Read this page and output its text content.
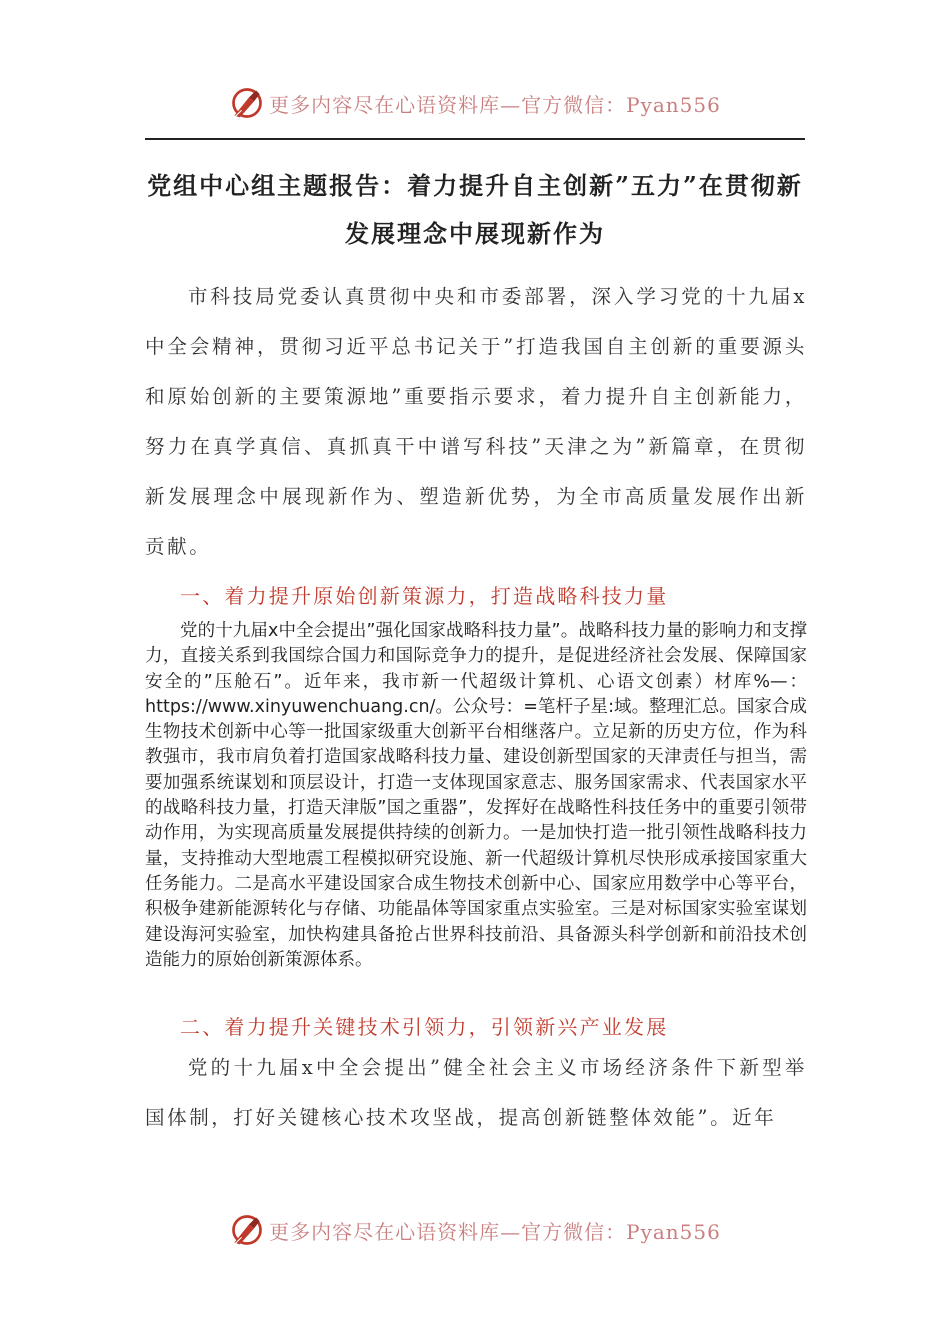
更多内容尽在心语资料库—官方微信：Pyan556
党组中心组主题报告：着力提升自主创新”五力”在贯彻新发展理念中展现新作为

市科技局党委认真贯彻中央和市委部署，深入学习党的十九届x中全会精神，贯彻习近平总书记关于”打造我国自主创新的重要源头和原始创新的主要策源地”重要指示要求，着力提升自主创新能力，努力在真学真信、真抓真干中谱写科技”天津之为”新篇章，在贯彻新发展理念中展现新作为、塑造新优势，为全市高质量发展作出新贡献。

一、着力提升原始创新策源力，打造战略科技力量

党的十九届x中全会提出”强化国家战略科技力量”。战略科技力量的影响力和支撑力，直接关系到我国综合国力和国际竞争力的提升，是促进经济社会发展、保障国家安全的”压舱石”。近年来，我市新一代超级计算机、心语文创素）材库%—：https://www.xinyuwenchuang.cn/。公众号：=笔杆子星:域。整理汇总。国家合成生物技术创新中心等一批国家级重大创新平台相继落户。立足新的历史方位，作为科教强市，我市肩负着打造国家战略科技力量、建设创新型国家的天津责任与担当，需要加强系统谋划和顶层设计，打造一支体现国家意志、服务国家需求、代表国家水平的战略科技力量，打造天津版”国之重器”，发挥好在战略性科技任务中的重要引领带动作用，为实现高质量发展提供持续的创新力。一是加快打造一批引领性战略科技力量，支持推动大型地震工程模拟研究设施、新一代超级计算机尽快形成承接国家重大任务能力。二是高水平建设国家合成生物技术创新中心、国家应用数学中心等平台，积极争建新能源转化与存储、功能晶体等国家重点实验室。三是对标国家实验室谋划建设海河实验室，加快构建具备抢占世界科技前沿、具备源头科学创新和前沿技术创造能力的原始创新策源体系。

二、着力提升关键技术引领力，引领新兴产业发展

党的十九届x中全会提出”健全社会主义市场经济条件下新型举国体制，打好关键核心技术攻坚战，提高创新链整体效能”。近年

更多内容尽在心语资料库—官方微信：Pyan556
